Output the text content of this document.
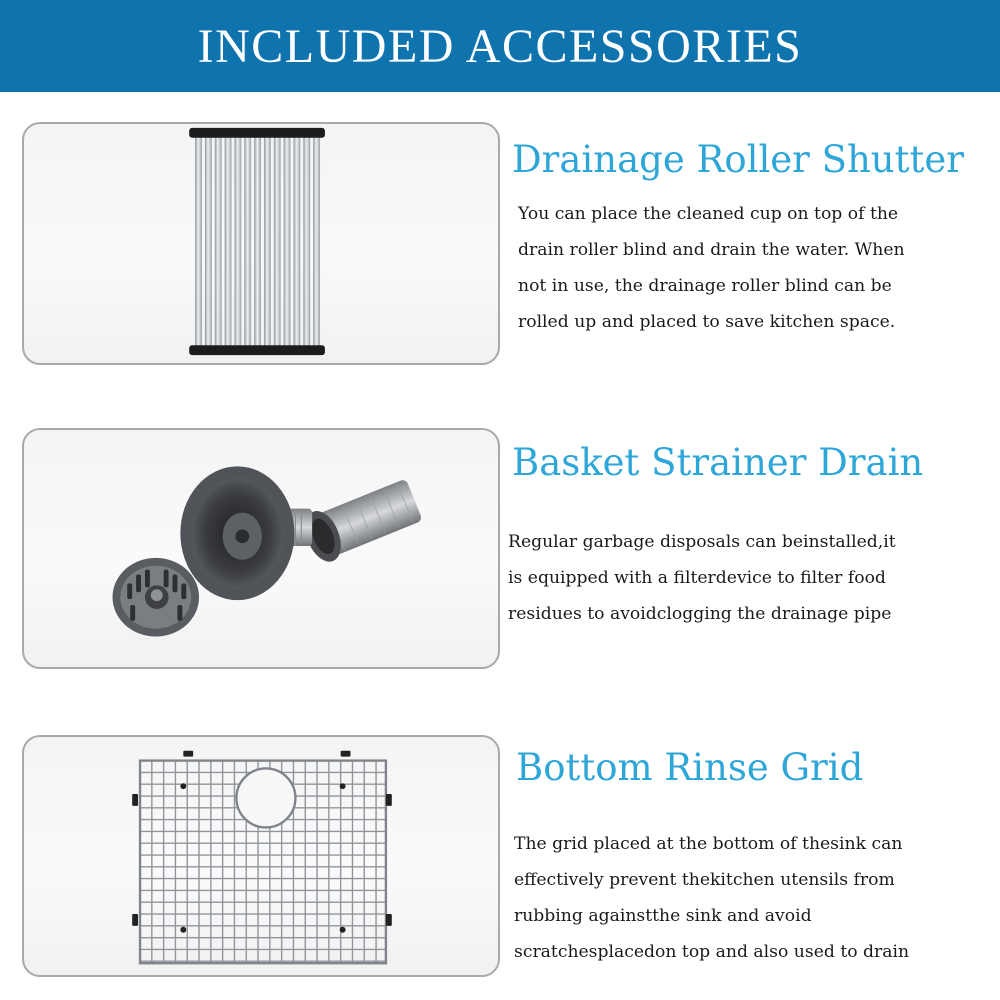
INCLUDED ACCESSORIES
Drainage Roller Shutter
You can place the cleaned cup on top of the
drain roller blind and drain the water. When
not in use, the drainage roller blind can be
rolled up and placed to save kitchen space.
Basket Strainer Drain
Regular garbage disposals can beinstalled,it
is equipped with a filterdevice to filter food
residues to avoidclogging the drainage pipe
Bottom Rinse Grid
The grid placed at the bottom of thesink can
effectively prevent thekitchen utensils from
rubbing againstthe sink and avoid
scratchesplacedon top and also used to drain
